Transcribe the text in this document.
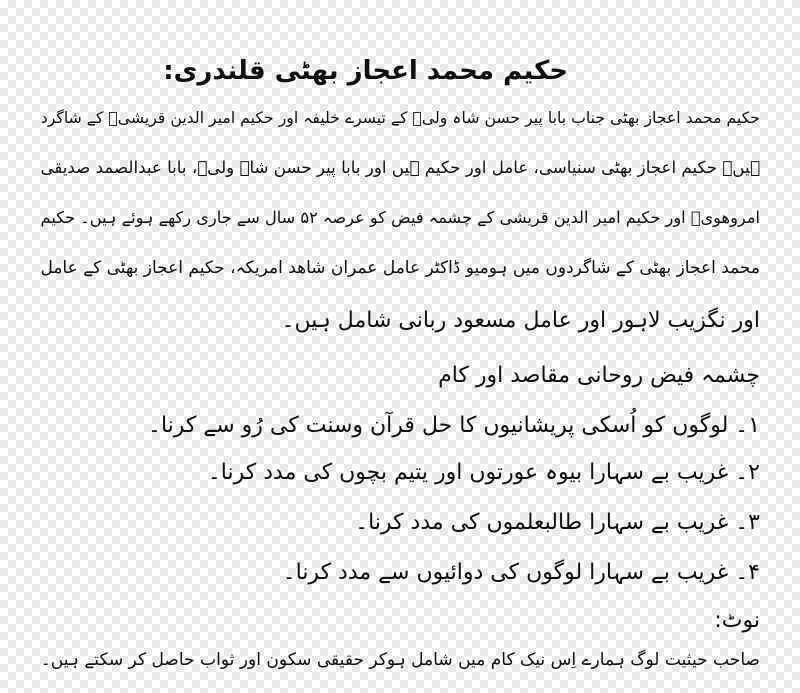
حکیم محمد اعجاز بھٹی قلندری:
حکیم محمد اعجاز بھٹی جناب بابا پیر حسن شاہ ولیؒ کے تیسرے خلیفہ اور حکیم امیر الدین قریشیؒ کے شاگرد
ہیں۔ حکیم اعجاز بھٹی سنیاسی، عامل اور حکیم ہیں اور بابا پیر حسن شاہ ولیؒ، بابا عبدالصمد صدیقی
امروھویؒ اور حکیم امیر الدین قریشی کے چشمہ فیض کو عرصہ ۵۲ سال سے جاری رکھے ہوئے ہیں۔ حکیم
محمد اعجاز بھٹی کے شاگردوں میں ہومیو ڈاکٹر عامل عمران شاھد امریکہ، حکیم اعجاز بھٹی کے عامل
اور نگزیب لاہور اور عامل مسعود ربانی شامل ہیں۔
چشمہ فیض روحانی مقاصد اور کام
۱۔ لوگوں کو اُسکی پریشانیوں کا حل قرآن وسنت کی رُو سے کرنا۔
۲۔ غریب بے سہارا بیوہ عورتوں اور یتیم بچوں کی مدد کرنا۔
۳۔ غریب بے سہارا طالبعلموں کی مدد کرنا۔
۴۔ غریب بے سہارا لوگوں کی دوائیوں سے مدد کرنا۔
نوٹ:
صاحب حیثیت لوگ ہمارے اِس نیک کام میں شامل ہوکر حقیقی سکون اور ثواب حاصل کر سکتے ہیں۔
